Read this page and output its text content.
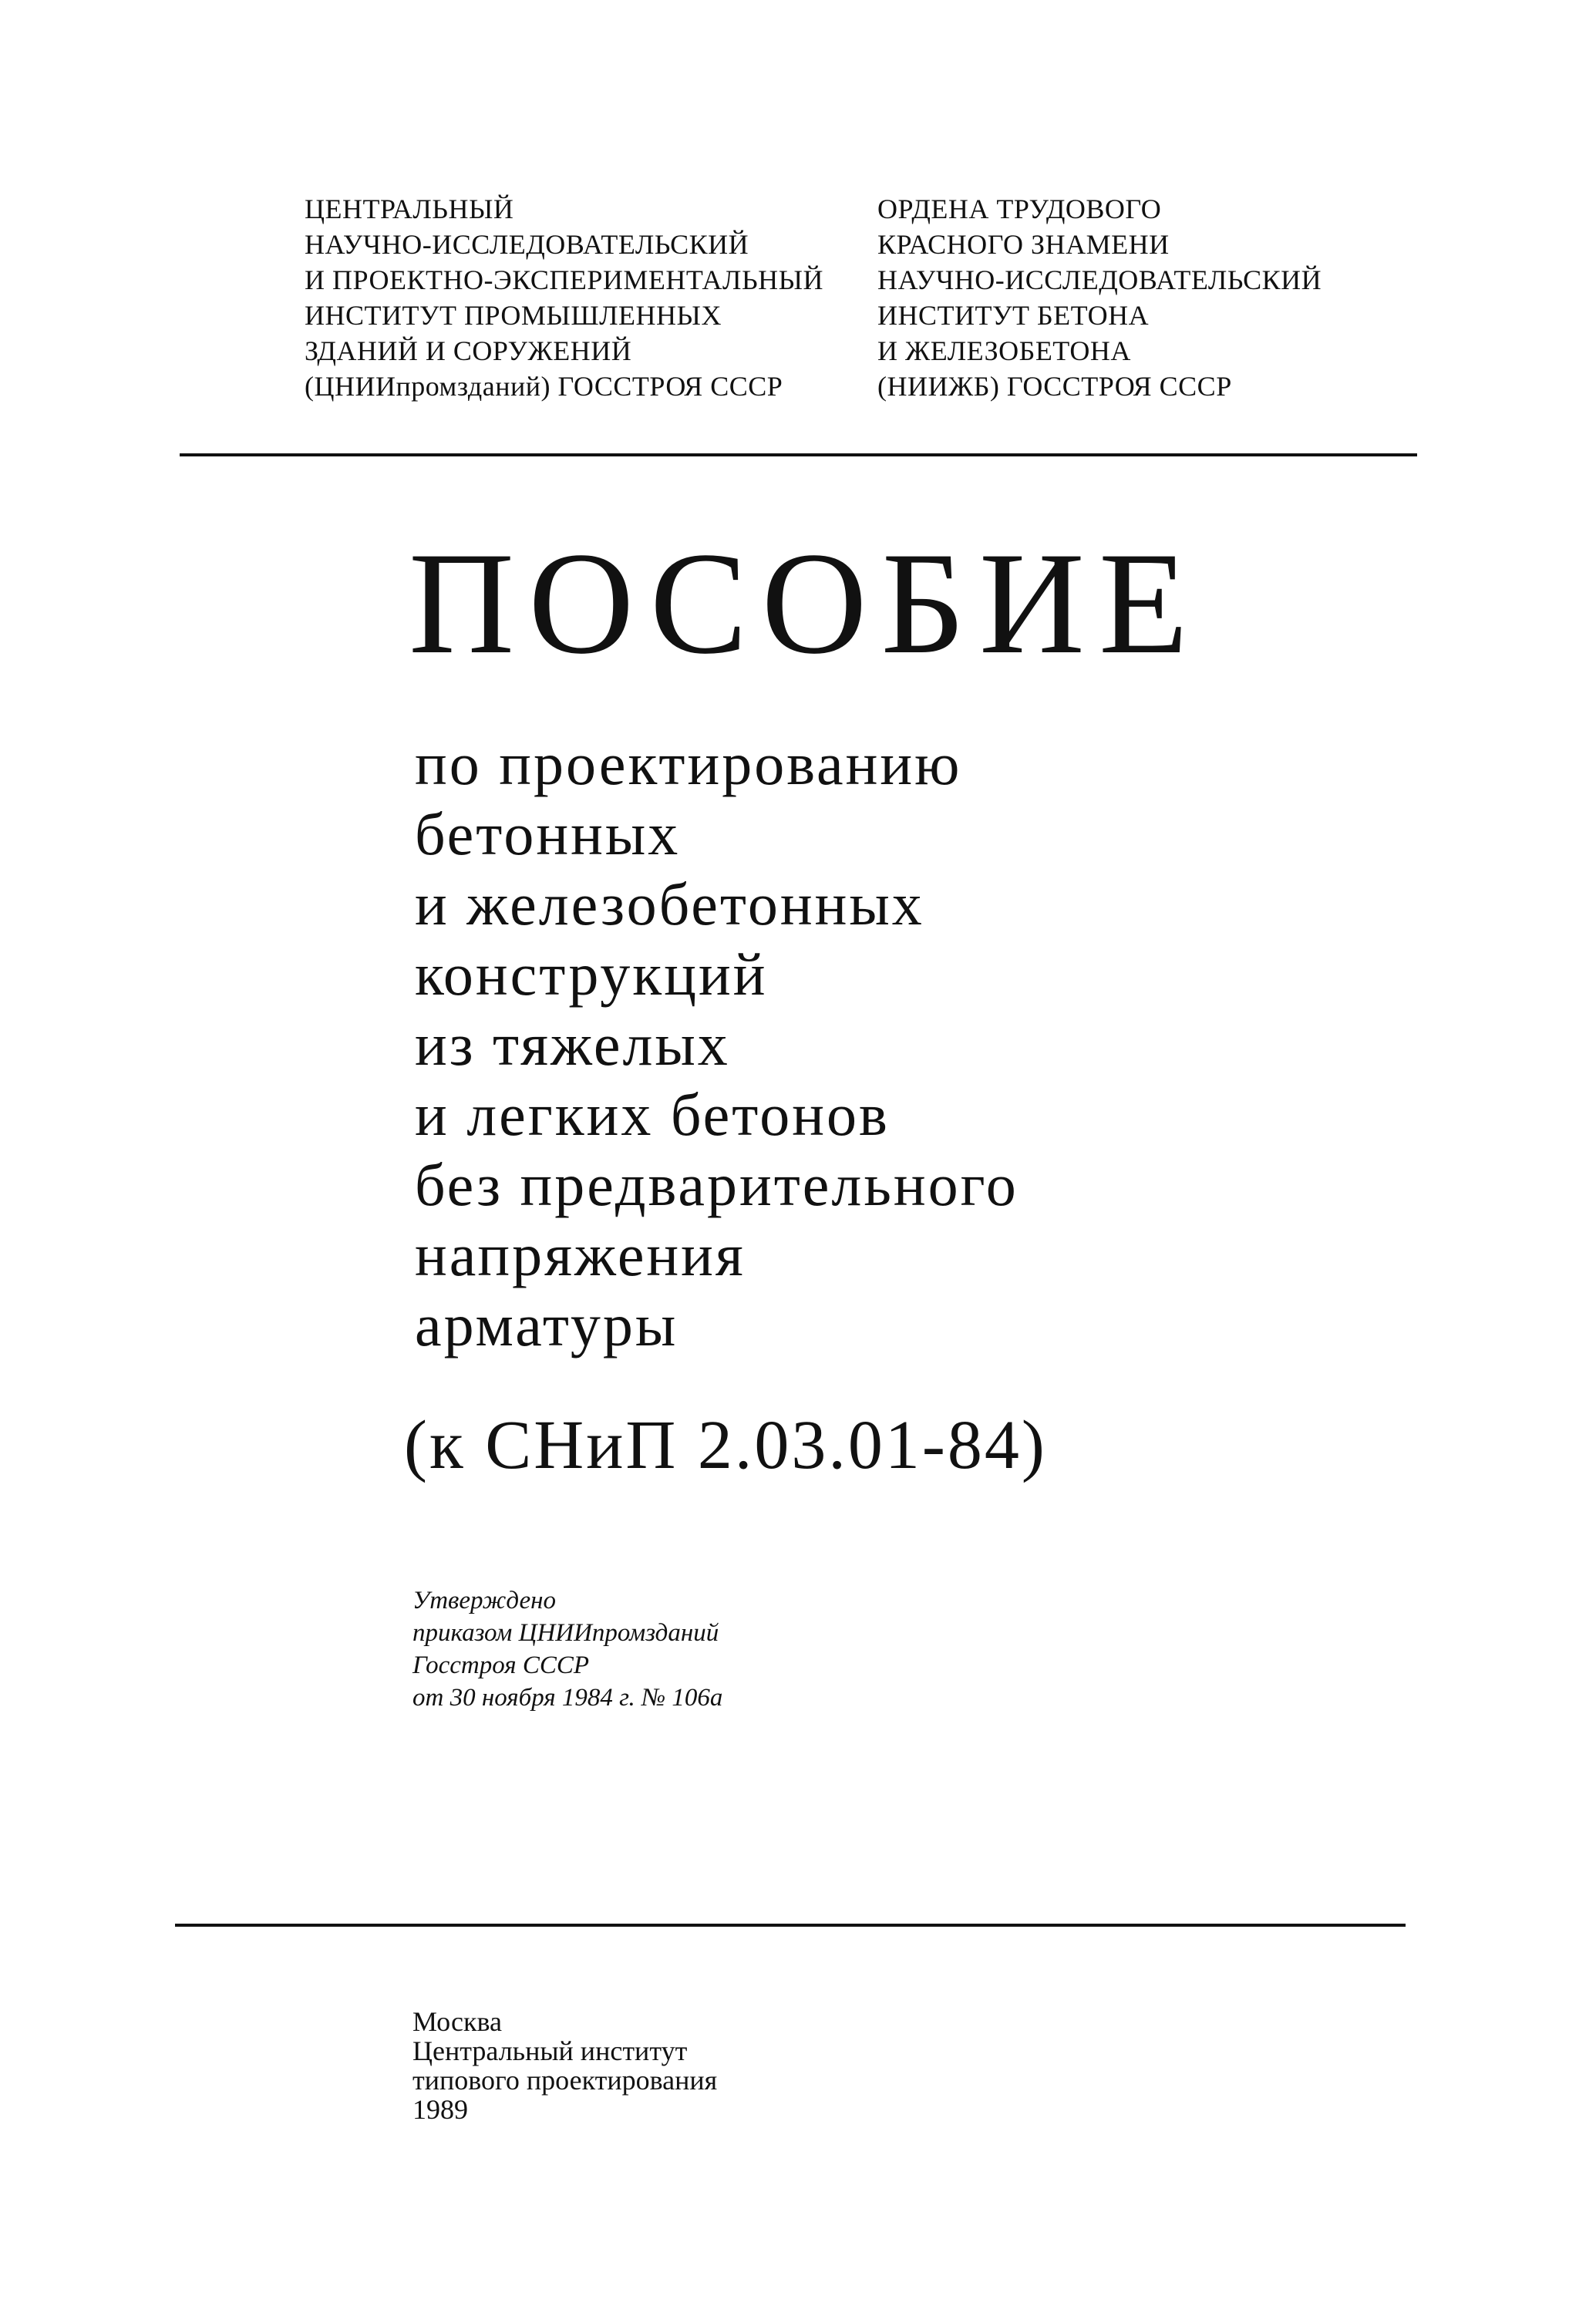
ЦЕНТРАЛЬНЫЙ
НАУЧНО-ИССЛЕДОВАТЕЛЬСКИЙ
И ПРОЕКТНО-ЭКСПЕРИМЕНТАЛЬНЫЙ
ИНСТИТУТ ПРОМЫШЛЕННЫХ
ЗДАНИЙ И СОРУЖЕНИЙ
(ЦНИИпромзданий) ГОССТРОЯ СССР
ОРДЕНА ТРУДОВОГО
КРАСНОГО ЗНАМЕНИ
НАУЧНО-ИССЛЕДОВАТЕЛЬСКИЙ
ИНСТИТУТ БЕТОНА
И ЖЕЛЕЗОБЕТОНА
(НИИЖБ) ГОССТРОЯ СССР
ПОСОБИЕ
по проектированию
бетонных
и железобетонных
конструкций
из тяжелых
и легких бетонов
без предварительного
напряжения
арматуры
(к СНиП 2.03.01-84)
Утверждено
приказом ЦНИИпромзданий
Госстроя СССР
от 30 ноября 1984 г. № 106а
Москва
Центральный институт
типового проектирования
1989
